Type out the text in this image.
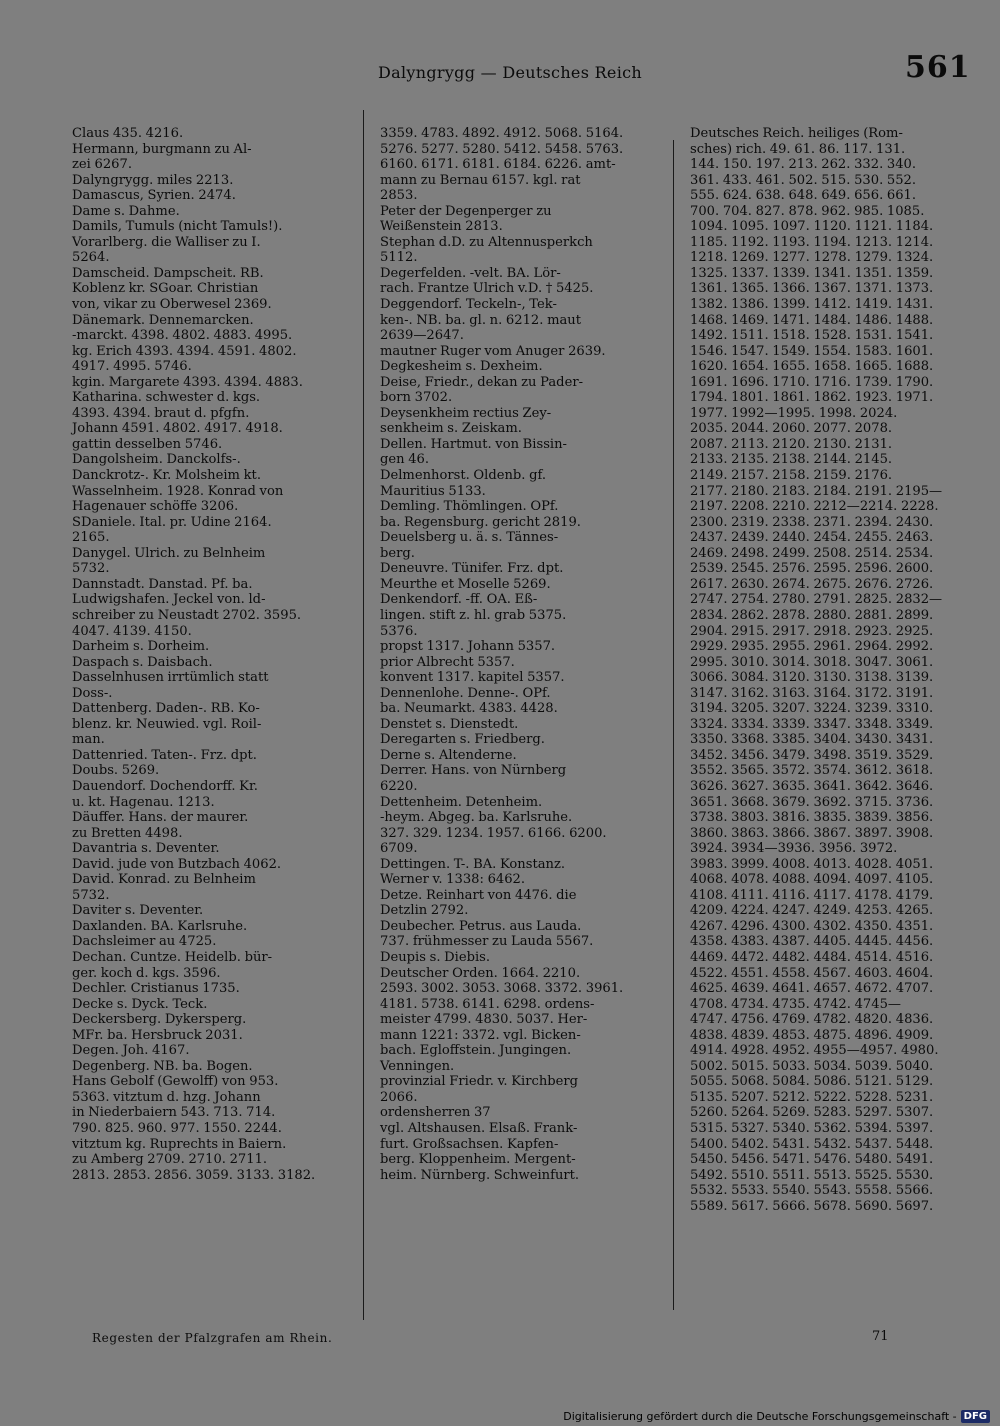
Dalyngrygg — Deutsches Reich	561
Claus 435. 4216.
Hermann, burgmann zu Al-
zei 6267.
Dalyngrygg. miles 2213.
Damascus, Syrien. 2474.
Dame s. Dahme.
Damils, Tumuls (nicht Tamuls!).
Vorarlberg. die Walliser zu I.
5264.
Damscheid. Dampscheit. RB.
Koblenz kr. SGoar. Christian
von, vikar zu Oberwesel 2369.
Dänemark. Dennemarcken.
-marckt. 4398. 4802. 4883. 4995.
kg. Erich 4393. 4394. 4591. 4802.
4917. 4995. 5746.
kgin. Margarete 4393. 4394. 4883.
Katharina. schwester d. kgs.
4393. 4394. braut d. pfgfn.
Johann 4591. 4802. 4917. 4918.
gattin desselben 5746.
Dangolsheim. Danckolfs-.
Danckrotz-. Kr. Molsheim kt.
Wasselnheim. 1928. Konrad von
Hagenauer schöffe 3206.
SDaniele. Ital. pr. Udine 2164.
2165.
Danygel. Ulrich. zu Belnheim
5732.
Dannstadt. Danstad. Pf. ba.
Ludwigshafen. Jeckel von. ld-
schreiber zu Neustadt 2702. 3595.
4047. 4139. 4150.
Darheim s. Dorheim.
Daspach s. Daisbach.
Dasselnhusen irrtümlich statt
Doss-.
Dattenberg. Daden-. RB. Ko-
blenz. kr. Neuwied. vgl. Roil-
man.
Dattenried. Taten-. Frz. dpt.
Doubs. 5269.
Dauendorf. Dochendorff. Kr.
u. kt. Hagenau. 1213.
Däuffer. Hans. der maurer.
zu Bretten 4498.
Davantria s. Deventer.
David. jude von Butzbach 4062.
David. Konrad. zu Belnheim
5732.
Daviter s. Deventer.
Daxlanden. BA. Karlsruhe.
Dachsleimer au 4725.
Dechan. Cuntze. Heidelb. bür-
ger. koch d. kgs. 3596.
Dechler. Cristianus 1735.
Decke s. Dyck. Teck.
Deckersberg. Dykersperg.
MFr. ba. Hersbruck 2031.
Degen. Joh. 4167.
Degenberg. NB. ba. Bogen.
Hans Gebolf (Gewolff) von 953.
5363. vitztum d. hzg. Johann
in Niederbaiern 543. 713. 714.
790. 825. 960. 977. 1550. 2244.
vitztum kg. Ruprechts in Baiern.
zu Amberg 2709. 2710. 2711.
2813. 2853. 2856. 3059. 3133. 3182.
3359. 4783. 4892. 4912. 5068. 5164.
5276. 5277. 5280. 5412. 5458. 5763.
6160. 6171. 6181. 6184. 6226. amt-
mann zu Bernau 6157. kgl. rat
2853.
Peter der Degenperger zu
Weißenstein 2813.
Stephan d.D. zu Altennusperkch
5112.
Degerfelden. -velt. BA. Lör-
rach. Frantze Ulrich v.D. † 5425.
Deggendorf. Teckeln-, Tek-
ken-. NB. ba. gl. n. 6212. maut
2639—2647.
mautner Ruger vom Anuger 2639.
Degkesheim s. Dexheim.
Deise, Friedr., dekan zu Pader-
born 3702.
Deysenkheim rectius Zey-
senkheim s. Zeiskam.
Dellen. Hartmut. von Bissin-
gen 46.
Delmenhorst. Oldenb. gf.
Mauritius 5133.
Demling. Thömlingen. OPf.
ba. Regensburg. gericht 2819.
Deuelsberg u. ä. s. Tännes-
berg.
Deneuvre. Tünifer. Frz. dpt.
Meurthe et Moselle 5269.
Denkendorf. -ff. OA. Eß-
lingen. stift z. hl. grab 5375.
5376.
propst 1317. Johann 5357.
prior Albrecht 5357.
konvent 1317. kapitel 5357.
Dennenlohe. Denne-. OPf.
ba. Neumarkt. 4383. 4428.
Denstet s. Dienstedt.
Deregarten s. Friedberg.
Derne s. Altenderne.
Derrer. Hans. von Nürnberg
6220.
Dettenheim. Detenheim.
-heym. Abgeg. ba. Karlsruhe.
327. 329. 1234. 1957. 6166. 6200.
6709.
Dettingen. T-. BA. Konstanz.
Werner v. 1338: 6462.
Detze. Reinhart von 4476. die
Detzlin 2792.
Deubecher. Petrus. aus Lauda.
737. frühmesser zu Lauda 5567.
Deupis s. Diebis.
Deutscher Orden. 1664. 2210.
2593. 3002. 3053. 3068. 3372. 3961.
4181. 5738. 6141. 6298. ordens-
meister 4799. 4830. 5037. Her-
mann 1221: 3372. vgl. Bicken-
bach. Egloffstein. Jungingen.
Venningen.
provinzial Friedr. v. Kirchberg
2066.
ordensherren 37
vgl. Altshausen. Elsaß. Frank-
furt. Großsachsen. Kapfen-
berg. Kloppenheim. Mergent-
heim. Nürnberg. Schweinfurt.
Deutsches Reich. heiliges (Rom-
sches) rich. 49. 61. 86. 117. 131.
144. 150. 197. 213. 262. 332. 340.
361. 433. 461. 502. 515. 530. 552.
555. 624. 638. 648. 649. 656. 661.
700. 704. 827. 878. 962. 985. 1085.
1094. 1095. 1097. 1120. 1121. 1184.
1185. 1192. 1193. 1194. 1213. 1214.
1218. 1269. 1277. 1278. 1279. 1324.
1325. 1337. 1339. 1341. 1351. 1359.
1361. 1365. 1366. 1367. 1371. 1373.
1382. 1386. 1399. 1412. 1419. 1431.
1468. 1469. 1471. 1484. 1486. 1488.
1492. 1511. 1518. 1528. 1531. 1541.
1546. 1547. 1549. 1554. 1583. 1601.
1620. 1654. 1655. 1658. 1665. 1688.
1691. 1696. 1710. 1716. 1739. 1790.
1794. 1801. 1861. 1862. 1923. 1971.
1977. 1992—1995. 1998. 2024.
2035. 2044. 2060. 2077. 2078.
2087. 2113. 2120. 2130. 2131.
2133. 2135. 2138. 2144. 2145.
2149. 2157. 2158. 2159. 2176.
2177. 2180. 2183. 2184. 2191. 2195—
2197. 2208. 2210. 2212—2214. 2228.
2300. 2319. 2338. 2371. 2394. 2430.
2437. 2439. 2440. 2454. 2455. 2463.
2469. 2498. 2499. 2508. 2514. 2534.
2539. 2545. 2576. 2595. 2596. 2600.
2617. 2630. 2674. 2675. 2676. 2726.
2747. 2754. 2780. 2791. 2825. 2832—
2834. 2862. 2878. 2880. 2881. 2899.
2904. 2915. 2917. 2918. 2923. 2925.
2929. 2935. 2955. 2961. 2964. 2992.
2995. 3010. 3014. 3018. 3047. 3061.
3066. 3084. 3120. 3130. 3138. 3139.
3147. 3162. 3163. 3164. 3172. 3191.
3194. 3205. 3207. 3224. 3239. 3310.
3324. 3334. 3339. 3347. 3348. 3349.
3350. 3368. 3385. 3404. 3430. 3431.
3452. 3456. 3479. 3498. 3519. 3529.
3552. 3565. 3572. 3574. 3612. 3618.
3626. 3627. 3635. 3641. 3642. 3646.
3651. 3668. 3679. 3692. 3715. 3736.
3738. 3803. 3816. 3835. 3839. 3856.
3860. 3863. 3866. 3867. 3897. 3908.
3924. 3934—3936. 3956. 3972.
3983. 3999. 4008. 4013. 4028. 4051.
4068. 4078. 4088. 4094. 4097. 4105.
4108. 4111. 4116. 4117. 4178. 4179.
4209. 4224. 4247. 4249. 4253. 4265.
4267. 4296. 4300. 4302. 4350. 4351.
4358. 4383. 4387. 4405. 4445. 4456.
4469. 4472. 4482. 4484. 4514. 4516.
4522. 4551. 4558. 4567. 4603. 4604.
4625. 4639. 4641. 4657. 4672. 4707.
4708. 4734. 4735. 4742. 4745—
4747. 4756. 4769. 4782. 4820. 4836.
4838. 4839. 4853. 4875. 4896. 4909.
4914. 4928. 4952. 4955—4957. 4980.
5002. 5015. 5033. 5034. 5039. 5040.
5055. 5068. 5084. 5086. 5121. 5129.
5135. 5207. 5212. 5222. 5228. 5231.
5260. 5264. 5269. 5283. 5297. 5307.
5315. 5327. 5340. 5362. 5394. 5397.
5400. 5402. 5431. 5432. 5437. 5448.
5450. 5456. 5471. 5476. 5480. 5491.
5492. 5510. 5511. 5513. 5525. 5530.
5532. 5533. 5540. 5543. 5558. 5566.
5589. 5617. 5666. 5678. 5690. 5697.
Regesten der Pfalzgrafen am Rhein.	71
Digitalisierung gefördert durch die Deutsche Forschungsgemeinschaft - DFG
